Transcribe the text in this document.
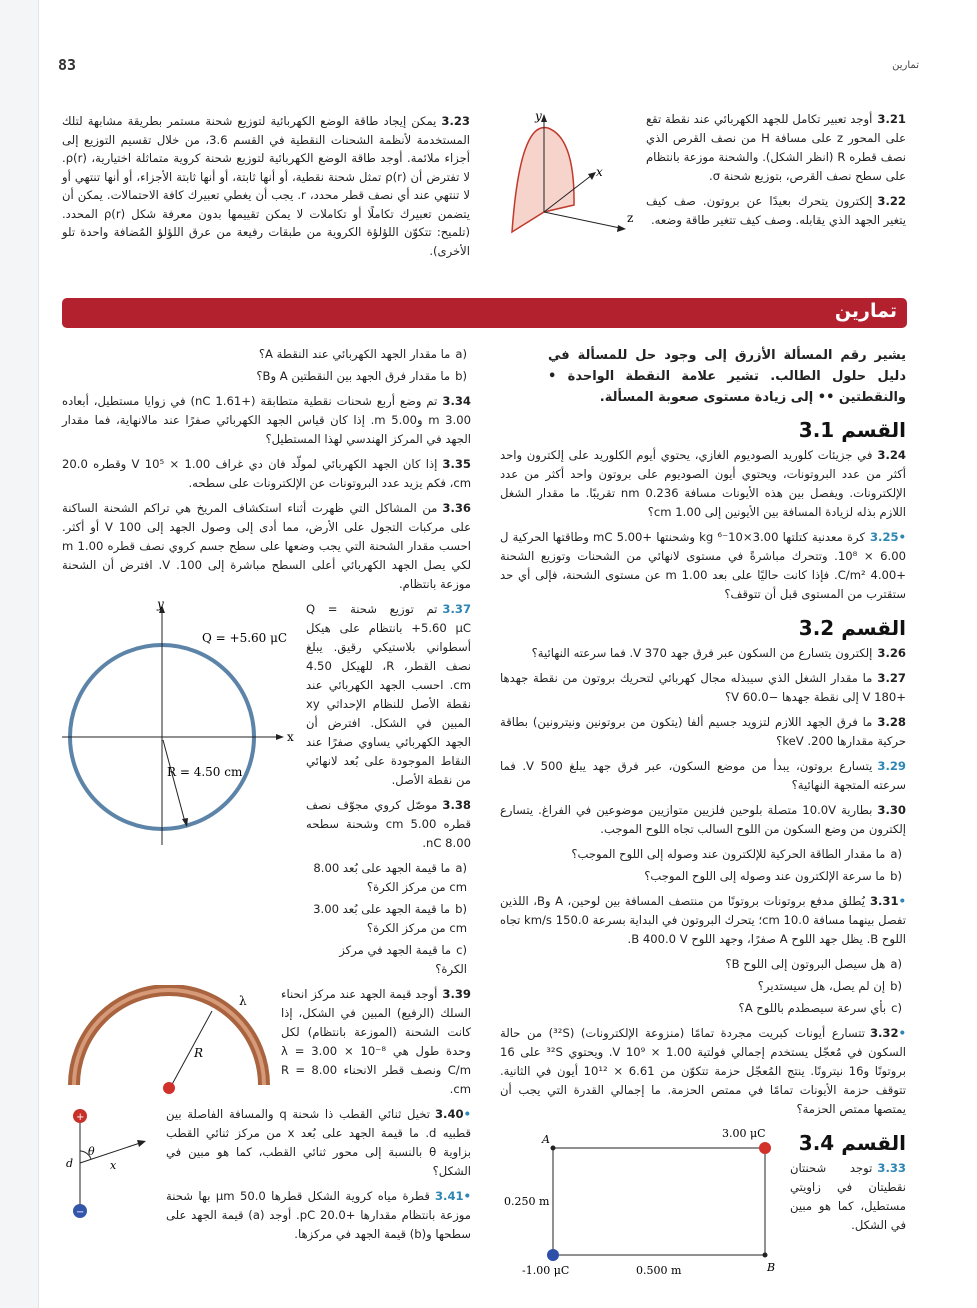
83	تمارين
3.23يمكن إيجاد طاقة الوضع الكهربائية لتوزيع شحنة مستمر بطريقة مشابهة لتلك المستخدمة لأنظمة الشحنات النقطية في القسم 3.6، من خلال تقسيم التوزيع إلى أجزاء ملائمة. أوجد طاقة الوضع الكهربائية لتوزيع شحنة كروية متماثلة اختيارية، ρ(r). لا تفترض أن ρ(r) تمثل شحنة نقطية، أو أنها ثابتة، أو أنها ثابتة الأجزاء، أو أنها تنتهي أو لا تنتهي عند أي نصف قطر محدد، r. يجب أن يغطي تعبيرك كافة الاحتمالات. يمكن أن يتضمن تعبيرك تكاملًا أو تكاملات لا يمكن تقييمها بدون معرفة شكل ρ(r) المحدد. (تلميح: تتكوّن اللؤلؤة الكروية من طبقات رفيعة من عرق اللؤلؤ المُضافة واحدة تلو الأخرى).
y
x
z
3.21أوجد تعبير تكامل للجهد الكهربائي عند نقطة تقع على المحور z على مسافة H من نصف القرص الذي نصف قطره R (انظر الشكل). والشحنة موزعة بانتظام على سطح نصف القرص، بتوزيع شحنة σ.
3.22إلكترون يتحرك بعيدًا عن بروتون. صف كيف يتغير الجهد الذي يقابله. وصف كيف تتغير طاقة وضعه.
تمارين
يشير رقم المسألة الأزرق إلى وجود حل للمسألة في دليل حلول الطالب. تشير علامة النقطة الواحدة • والنقطتين •• إلى زيادة مستوى صعوبة المسألة.
القسم 3.1
3.24في جزيئات كلوريد الصوديوم الغازي، يحتوي أيوم الكلوريد على إلكترون واحد أكثر من عدد البروتونات، ويحتوي أيون الصوديوم على بروتون واحد أكثر من عدد الإلكترونات. ويفصل بين هذه الأيونات مسافة 0.236 nm تقريبًا. ما مقدار الشغل اللازم بذله لزيادة المسافة بين الأيونين إلى 1.00 cm؟
•3.25كرة معدنية كتلتها 3.00×10⁻⁶ kg وشحنتها +5.00 mC وطاقتها الحركية ل 6.00 × 10⁸. وتتحرك مباشرةً في مستوى لانهائي من الشحنات وتوزيع الشحنة +4.00 C/m². فإذا كانت حاليًا على بعد 1.00 m عن مستوى الشحنة، فإلى أي حد ستقترب من المستوى قبل أن تتوقف؟
القسم 3.2
3.26إلكترون يتسارع من السكون عبر فرق جهد 370 V. فما سرعته النهائية؟
3.27ما مقدار الشغل الذي سيبذله مجال كهربائي لتحريك بروتون من نقطة جهدها +180 V إلى نقطة جهدها −60.0 V؟
3.28ما فرق الجهد اللازم لتزويد جسيم ألفا (يتكون من بروتونين ونيترونين) بطاقة حركية مقدارها 200. keV؟
3.29يتسارع بروتون، يبدأ من موضع السكون، عبر فرق جهد يبلغ 500 V. فما سرعته المتجهة النهائية؟
3.30بطارية 10.0V متصلة بلوحين فلزيين متوازيين موضوعين في الفراغ. يتسارع إلكترون من وضع السكون من اللوح السالب تجاه اللوح الموجب.
a)ما مقدار الطاقة الحركية للإلكترون عند وصوله إلى اللوح الموجب؟
b)ما سرعة الإلكترون عند وصوله إلى اللوح الموجب؟
•3.31يُطلق مدفع بروتونات بروتونًا من منتصف المسافة بين لوحين، A وB، اللذين تفصل بينهما مسافة 10.0 cm؛ يتحرك البروتون في البداية بسرعة 150.0 km/s تجاه اللوح B. يظل جهد اللوح A صفرًا، وجهد اللوح B 400.0 V.
a)هل سيصل البروتون إلى اللوح B؟
b)إن لم يصل، هل سيستدير؟
c)بأي سرعة سيصطدم باللوح A؟
•3.32تتسارع أيونات كبريت مجردة تمامًا (منزوعة الإلكترونات) (³²S) من حالة السكون في مُعجّل يستخدم إجمالي فولتية 1.00 × 10⁹ V. ويحتوي ³²S على 16 بروتونًا و16 نيترونًا. ينتج المُعجّل حزمة تتكوّن من 6.61 × 10¹² أيون في الثانية. تتوقف حزمة الأيونات تمامًا في ممتص الحزمة. ما إجمالي القدرة التي يجب أن يمتصها ممتص الحزمة؟
A
B
3.00 μC
-1.00 μC
0.250 m
0.500 m
القسم 3.4
3.33توجد شحنتان نقطيتان في زاويتي مستطيل، كما هو مبين في الشكل.
a)ما مقدار الجهد الكهربائي عند النقطة A؟
b)ما مقدار فرق الجهد بين النقطتين A وB؟
3.34تم وضع أربع شحنات نقطية متطابقة (+1.61 nC) في زوايا مستطيل، أبعاده 3.00 m و5.00 m. إذا كان قياس الجهد الكهربائي صفرًا عند مالانهاية، فما مقدار الجهد في المركز الهندسي لهذا المستطيل؟
3.35إذا كان الجهد الكهربائي لمولّد فان دي غراف 1.00 × 10⁵ V وقطره 20.0 cm، فكم يزيد عدد البروتونات عن الإلكترونات على سطحه.
3.36من المشاكل التي ظهرت أثناء استكشاف المريخ هي تراكم الشحنة الساكنة على مركبات التجول على الأرض، مما أدى إلى وصول الجهد إلى 100 V أو أكثر. احسب مقدار الشحنة التي يجب وضعها على سطح جسم كروي نصف قطره 1.00 m لكي يصل الجهد الكهربائي أعلى السطح مباشرة إلى 100. V. افترض أن الشحنة موزعة بانتظام.
y
x
Q = +5.60 μC
R = 4.50 cm
3.37تم توزيع شحنة Q = +5.60 μC بانتظام على هيكل أسطواني بلاستيكي رقيق. يبلغ نصف القطر، R، للهيكل 4.50 cm. احسب الجهد الكهربائي عند نقطة الأصل للنظام الإحداثي xy المبين في الشكل. افترض أن الجهد الكهربائي يساوي صفرًا عند النقاط الموجودة على بُعد لانهائي من نقطة الأصل.
3.38موصّل كروي مجوّف نصف قطره 5.00 cm وشحنة سطحه 8.00 nC.
a)ما قيمة الجهد على بُعد 8.00 cm من مركز الكرة؟
b)ما قيمة الجهد على بُعد 3.00 cm من مركز الكرة؟
c)ما قيمة الجهد في مركز الكرة؟
λ
R
3.39أوجد قيمة الجهد عند مركز انحناء السلك (الرفيع) المبين في الشكل، إذا كانت الشحنة (الموزعة بانتظام) لكل وحدة طول هي λ = 3.00 × 10⁻⁸ C/m ونصف قطر الانحناء R = 8.00 cm.
+
−
θ
d	x
•3.40تخيل ثنائي القطب ذا شحنة q والمسافة الفاصلة بين قطبيه d. ما قيمة الجهد على بُعد x من مركز ثنائي القطب بزاوية θ بالنسبة إلى محور ثنائي القطب، كما هو مبين في الشكل؟
•3.41قطرة مياه كروية الشكل قطرها 50.0 μm بها شحنة موزعة بانتظام مقدارها +20.0 pC. أوجد (a) قيمة الجهد على سطحها و(b) قيمة الجهد في مركزها.
